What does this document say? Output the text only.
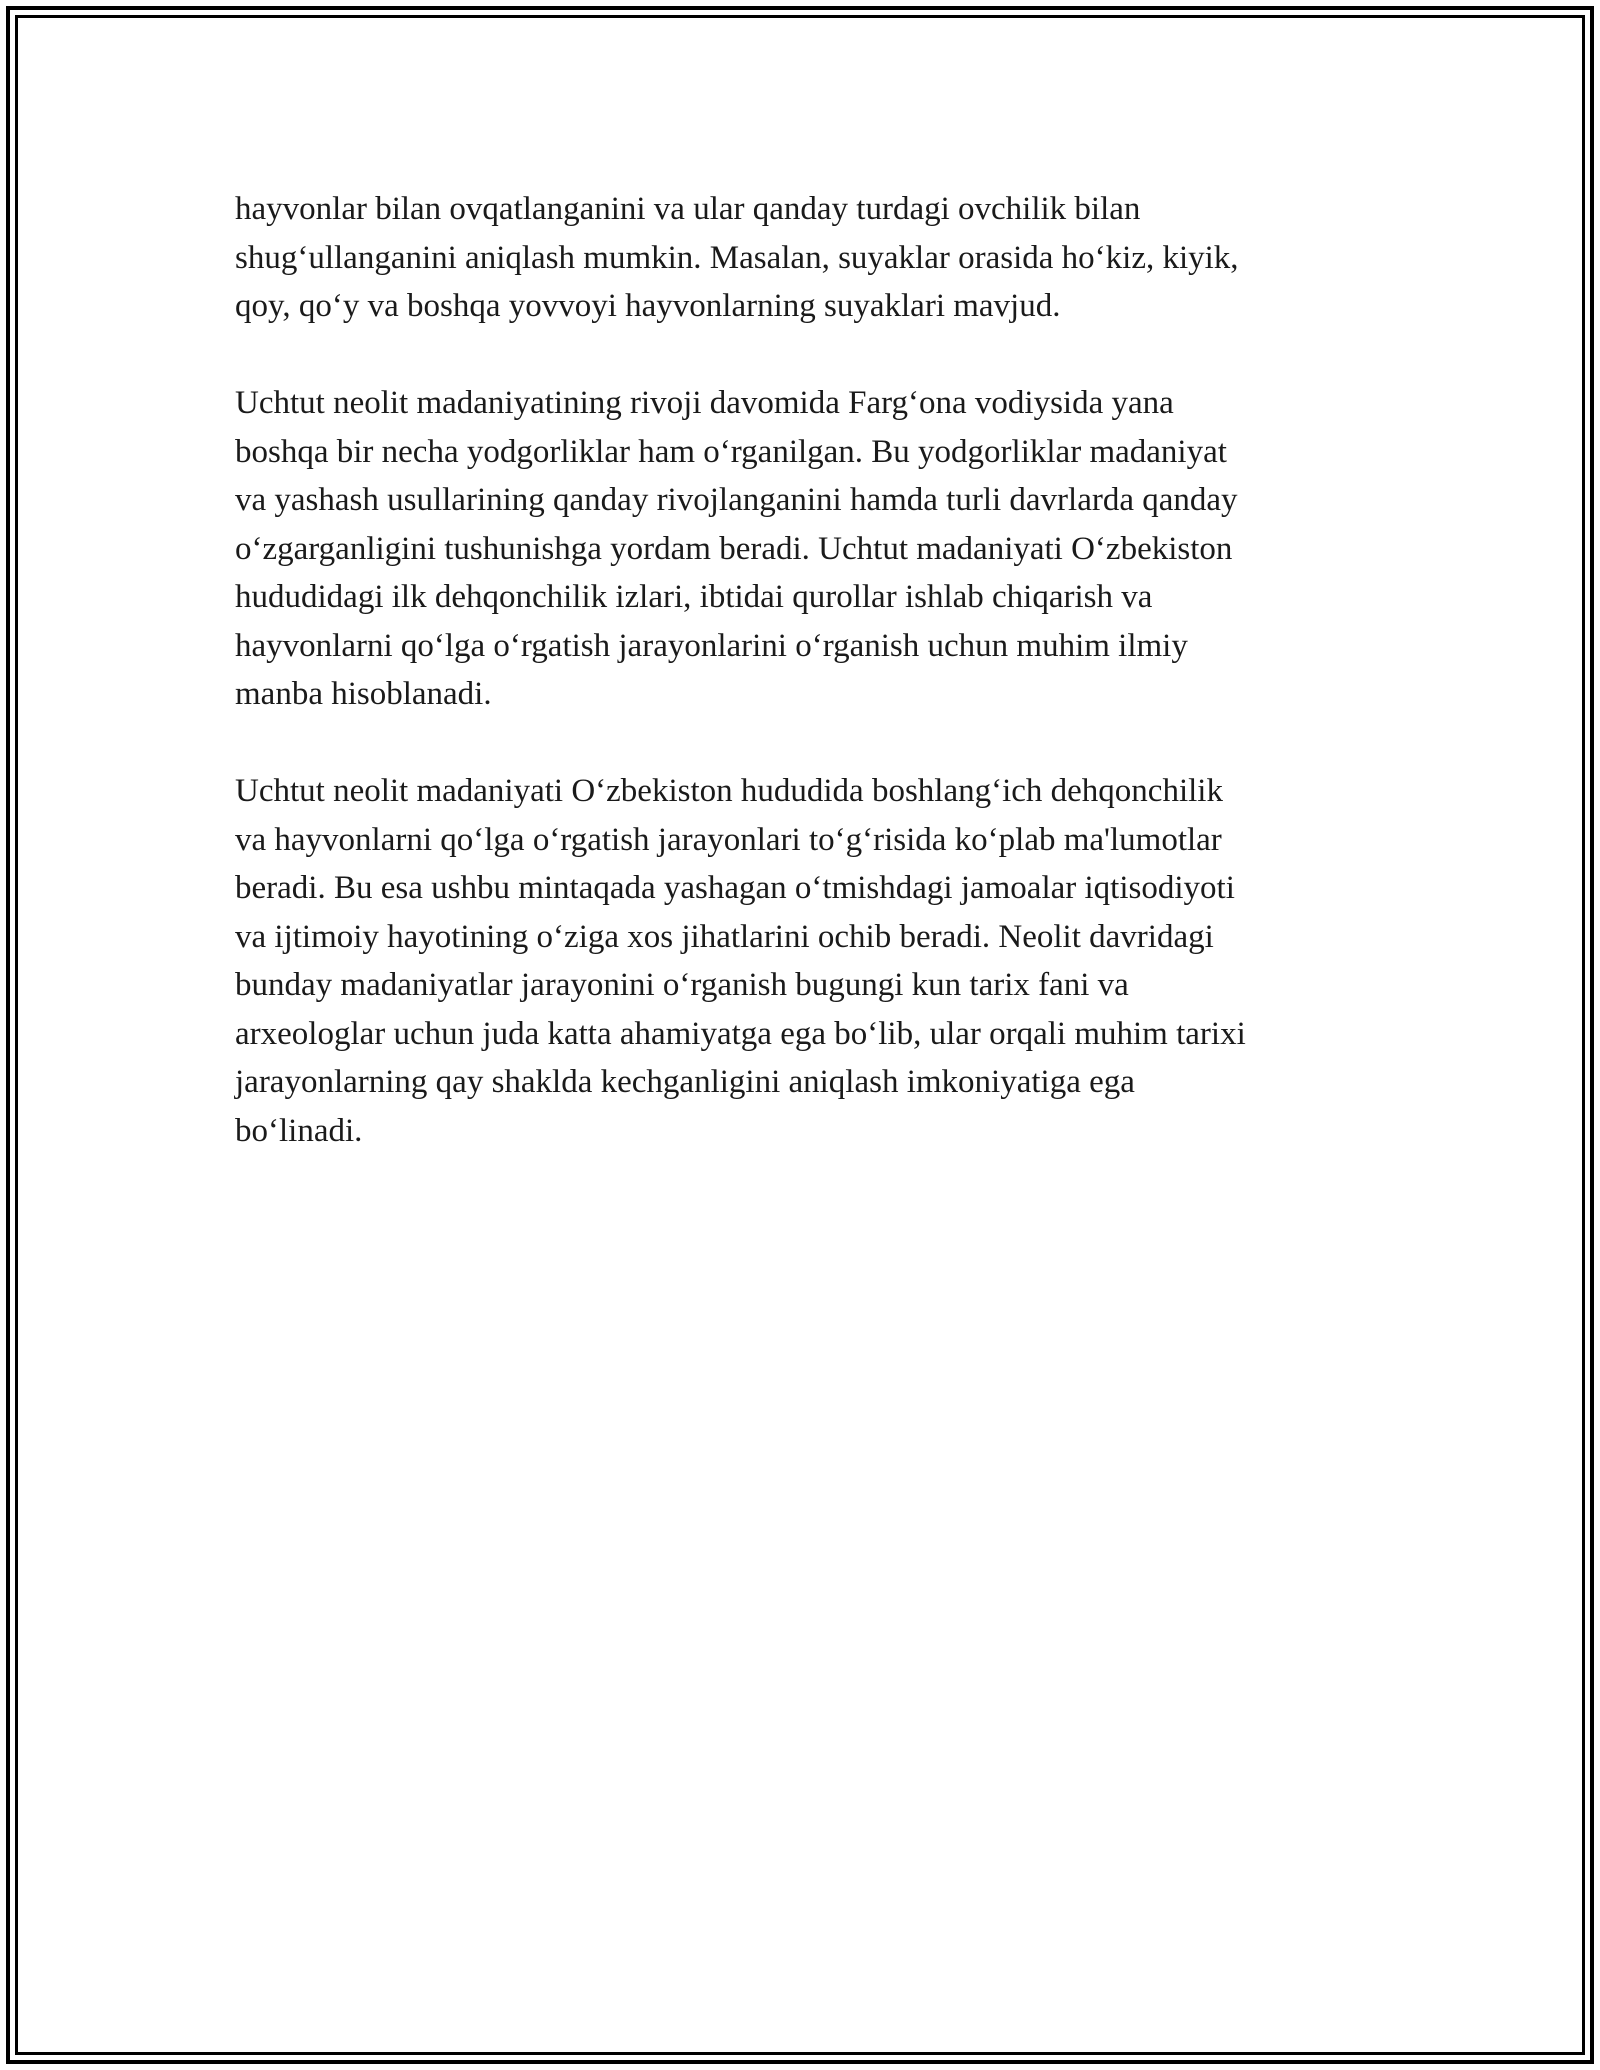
hayvonlar bilan ovqatlanganini va ular qanday turdagi ovchilik bilan
shug‘ullanganini aniqlash mumkin. Masalan, suyaklar orasida ho‘kiz, kiyik,
qoy, qo‘y va boshqa yovvoyi hayvonlarning suyaklari mavjud.

Uchtut neolit madaniyatining rivoji davomida Farg‘ona vodiysida yana
boshqa bir necha yodgorliklar ham o‘rganilgan. Bu yodgorliklar madaniyat
va yashash usullarining qanday rivojlanganini hamda turli davrlarda qanday
o‘zgarganligini tushunishga yordam beradi. Uchtut madaniyati O‘zbekiston
hududidagi ilk dehqonchilik izlari, ibtidai qurollar ishlab chiqarish va
hayvonlarni qo‘lga o‘rgatish jarayonlarini o‘rganish uchun muhim ilmiy
manba hisoblanadi.

Uchtut neolit madaniyati O‘zbekiston hududida boshlang‘ich dehqonchilik
va hayvonlarni qo‘lga o‘rgatish jarayonlari to‘g‘risida ko‘plab ma'lumotlar
beradi. Bu esa ushbu mintaqada yashagan o‘tmishdagi jamoalar iqtisodiyoti
va ijtimoiy hayotining o‘ziga xos jihatlarini ochib beradi. Neolit davridagi
bunday madaniyatlar jarayonini o‘rganish bugungi kun tarix fani va
arxeologlar uchun juda katta ahamiyatga ega bo‘lib, ular orqali muhim tarixi
jarayonlarning qay shaklda kechganligini aniqlash imkoniyatiga ega
bo‘linadi.
